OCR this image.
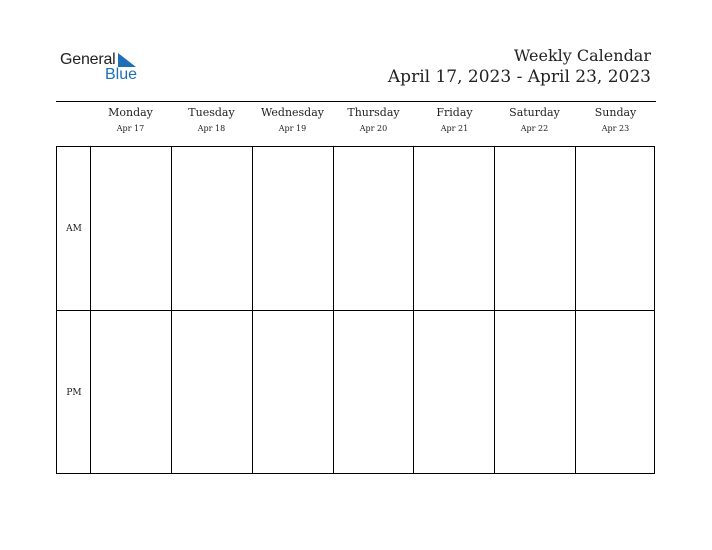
General
Blue
Weekly Calendar
April 17, 2023 - April 23, 2023
Monday
Apr 17
Tuesday
Apr 18
Wednesday
Apr 19
Thursday
Apr 20
Friday
Apr 21
Saturday
Apr 22
Sunday
Apr 23
AM
PM
